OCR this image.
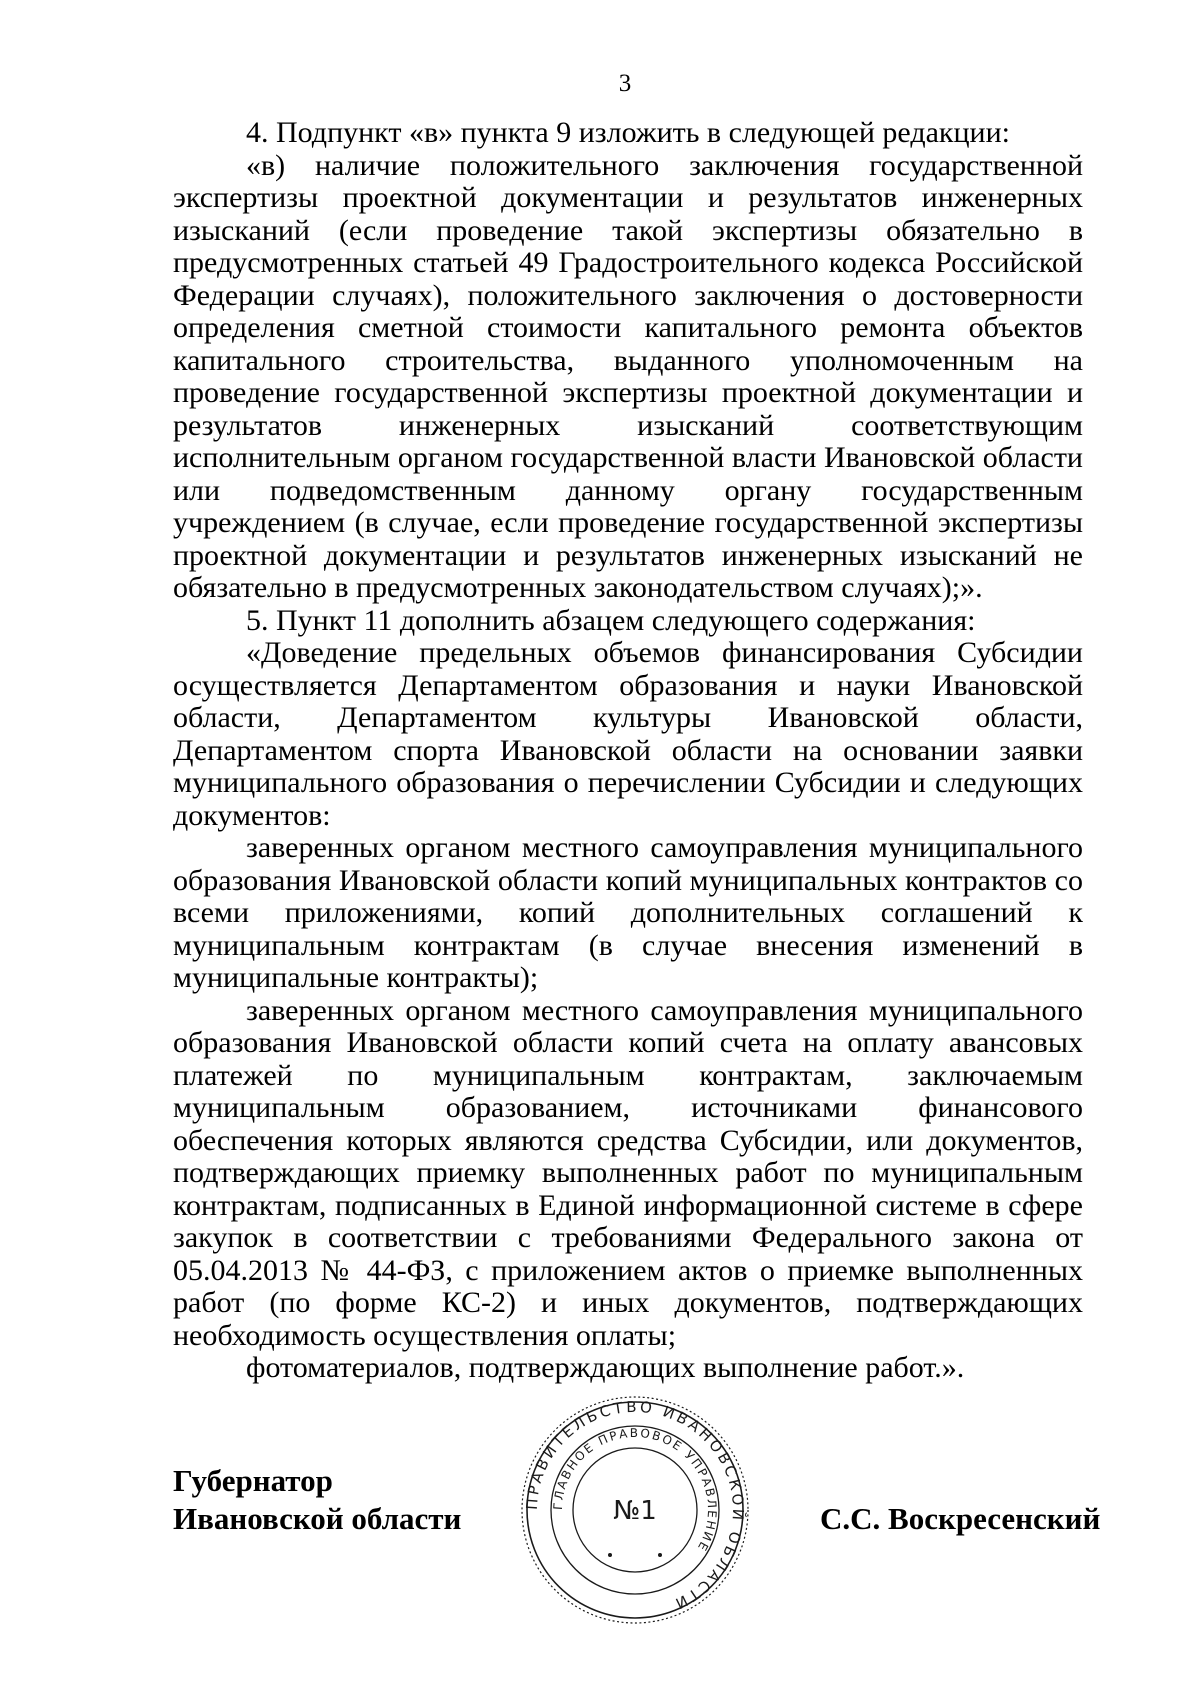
3

4. Подпункт «в» пункта 9 изложить в следующей редакции:

«в) наличие положительного заключения государственной экспертизы проектной документации и результатов инженерных изысканий (если проведение такой экспертизы обязательно в предусмотренных статьей 49 Градостроительного кодекса Российской Федерации случаях), положительного заключения о достоверности определения сметной стоимости капитального ремонта объектов капитального строительства, выданного уполномоченным на проведение государственной экспертизы проектной документации и результатов инженерных изысканий соответствующим исполнительным органом государственной власти Ивановской области или подведомственным данному органу государственным учреждением (в случае, если проведение государственной экспертизы проектной документации и результатов инженерных изысканий не обязательно в предусмотренных законодательством случаях);».

5. Пункт 11 дополнить абзацем следующего содержания:

«Доведение предельных объемов финансирования Субсидии осуществляется Департаментом образования и науки Ивановской области, Департаментом культуры Ивановской области, Департаментом спорта Ивановской области на основании заявки муниципального образования о перечислении Субсидии и следующих документов:

заверенных органом местного самоуправления муниципального образования Ивановской области копий муниципальных контрактов со всеми приложениями, копий дополнительных соглашений к муниципальным контрактам (в случае внесения изменений в муниципальные контракты);

заверенных органом местного самоуправления муниципального образования Ивановской области копий счета на оплату авансовых платежей по муниципальным контрактам, заключаемым муниципальным образованием, источниками финансового обеспечения которых являются средства Субсидии, или документов, подтверждающих приемку выполненных работ по муниципальным контрактам, подписанных в Единой информационной системе в сфере закупок в соответствии с требованиями Федерального закона от 05.04.2013 № 44-ФЗ, с приложением актов о приемке выполненных работ (по форме КС-2) и иных документов, подтверждающих необходимость осуществления оплаты;

фотоматериалов, подтверждающих выполнение работ.».

Губернатор
Ивановской области	С.С. Воскресенский
ПРАВИТЕЛЬСТВО ИВАНОВСКОЙ ОБЛАСТИ
ГЛАВНОЕ ПРАВОВОЕ УПРАВЛЕНИЕ
№1
